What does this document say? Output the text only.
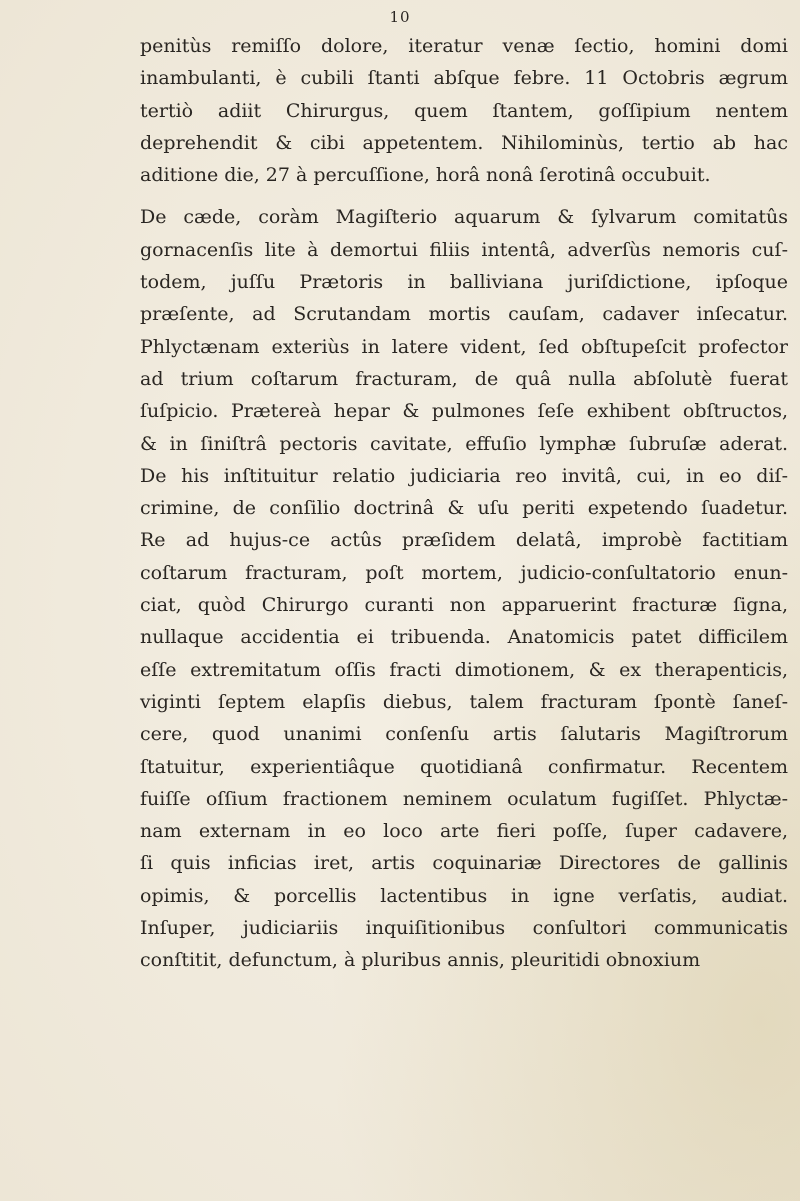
10
penitùs remiſſo dolore, iteratur venæ ſectio, homini domi
inambulanti, è cubili ſtanti abſque febre. 11 Octobris ægrum
tertiò adiit Chirurgus, quem ſtantem, goſſipium nentem
deprehendit & cibi appetentem. Nihilominùs, tertio ab hac
aditione die, 27 à percuſſione, horâ nonâ ſerotinâ occubuit.
De cæde, coràm Magiſterio aquarum & ſylvarum comitatûs
gornacenſis lite à demortui filiis intentâ, adverſùs nemoris cuſ-
todem, juſſu Prætoris in balliviana juriſdictione, ipſoque
præſente, ad Scrutandam mortis cauſam, cadaver inſecatur.
Phlyctænam exteriùs in latere vident, ſed obſtupeſcit profector
ad trium coſtarum fracturam, de quâ nulla abſolutè fuerat
ſuſpicio. Prætereà hepar & pulmones ſeſe exhibent obſtructos,
& in ſiniſtrâ pectoris cavitate, effuſio lymphæ ſubruſæ aderat.
De his inſtituitur relatio judiciaria reo invitâ, cui, in eo diſ-
crimine, de conſilio doctrinâ & uſu periti expetendo ſuadetur.
Re ad hujus-ce actûs præſidem delatâ, improbè factitiam
coſtarum fracturam, poſt mortem, judicio-conſultatorio enun-
ciat, quòd Chirurgo curanti non apparuerint fracturæ ſigna,
nullaque accidentia ei tribuenda. Anatomicis patet difficilem
eſſe extremitatum oſſis fracti dimotionem, & ex therapenticis,
viginti ſeptem elapſis diebus, talem fracturam ſpontè ſaneſ-
cere, quod unanimi conſenſu artis ſalutaris Magiſtrorum
ſtatuitur, experientiâque quotidianâ confirmatur. Recentem
fuiſſe oſſium fractionem neminem oculatum fugiſſet. Phlyctæ-
nam externam in eo loco arte fieri poſſe, ſuper cadavere,
ſi quis inficias iret, artis coquinariæ Directores de gallinis
opimis, & porcellis lactentibus in igne verſatis, audiat.
Inſuper, judiciariis inquiſitionibus conſultori communicatis
conſtitit, defunctum, à pluribus annis, pleuritidi obnoxium
